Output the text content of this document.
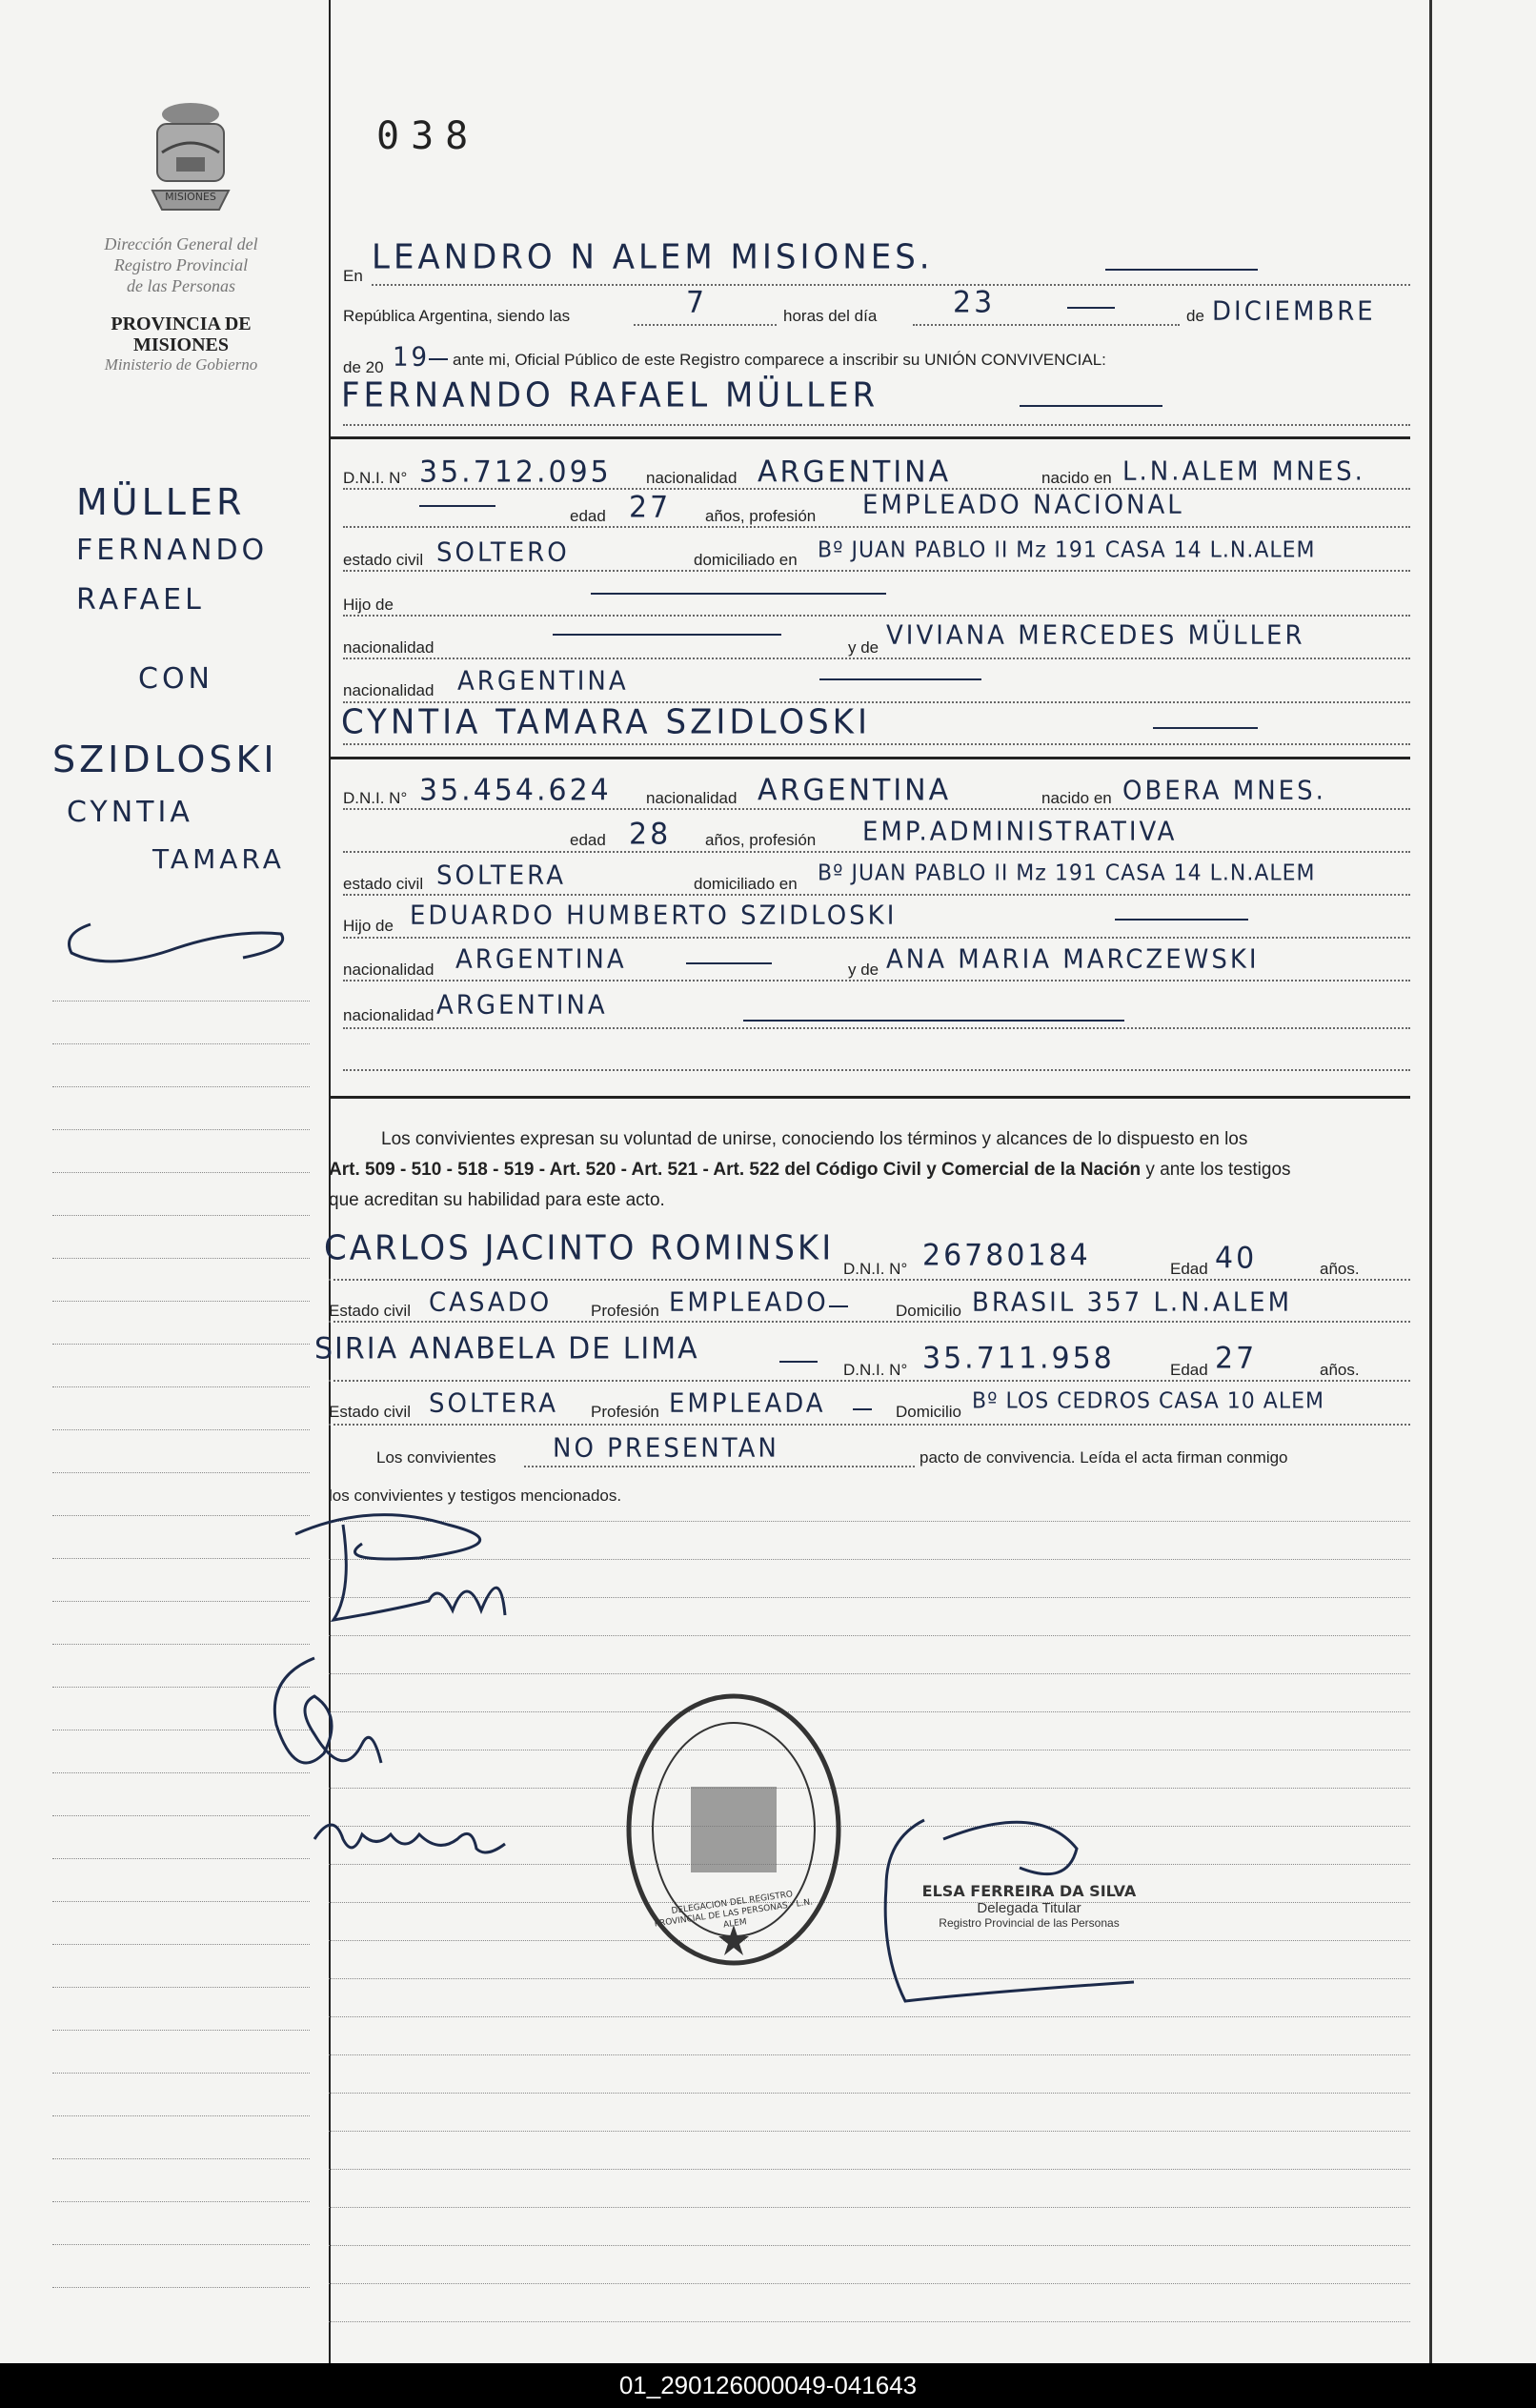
MISIONES
Dirección General del
Registro Provincial
de las Personas
PROVINCIA DE
MISIONES
Ministerio de Gobierno
038
MÜLLER
FERNANDO
RAFAEL
CON
SZIDLOSKI
CYNTIA
TAMARA
En LEANDRO N ALEM MISIONES.
República Argentina, siendo las	7	horas del día	23	de DICIEMBRE
de 20 19 ante mi, Oficial Público de este Registro comparece a inscribir su UNIÓN CONVIVENCIAL:
FERNANDO RAFAEL MÜLLER
D.N.I. N° 35.712.095 nacionalidad ARGENTINA	nacido en L.N.ALEM MNES.
edad 27 años, profesión EMPLEADO NACIONAL
estado civil SOLTERO	domiciliado en Bº JUAN PABLO II Mz 191 CASA 14 L.N.ALEM
Hijo de
nacionalidad	y de VIVIANA MERCEDES MÜLLER
nacionalidad ARGENTINA
CYNTIA TAMARA SZIDLOSKI
D.N.I. N° 35.454.624 nacionalidad ARGENTINA	nacido en OBERA MNES.
edad 28 años, profesión EMP.ADMINISTRATIVA
estado civil SOLTERA	domiciliado en Bº JUAN PABLO II Mz 191 CASA 14 L.N.ALEM
Hijo de EDUARDO HUMBERTO SZIDLOSKI
nacionalidad ARGENTINA	y de ANA MARIA MARCZEWSKI
nacionalidad ARGENTINA
Los convivientes expresan su voluntad de unirse, conociendo los términos y alcances de lo dispuesto en los
Art. 509 - 510 - 518 - 519 - Art. 520 - Art. 521 - Art. 522 del Código Civil y Comercial de la Nación y ante los testigos
que acreditan su habilidad para este acto.
CARLOS JACINTO ROMINSKI
D.N.I. N° 26780184	Edad 40	años.
Estado civil CASADO Profesión EMPLEADO	Domicilio BRASIL 357 L.N.ALEM
SIRIA ANABELA DE LIMA
D.N.I. N° 35.711.958	Edad 27	años.
Estado civil SOLTERA Profesión EMPLEADA	Domicilio Bº LOS CEDROS CASA 10 ALEM
Los convivientes NO PRESENTAN	pacto de convivencia. Leída el acta firman conmigo
los convivientes y testigos mencionados.
DELEGACION DEL REGISTRO PROVINCIAL DE LAS PERSONAS - L.N. ALEM
ELSA FERREIRA DA SILVA
Delegada Titular
Registro Provincial de las Personas
01_290126000049-041643
